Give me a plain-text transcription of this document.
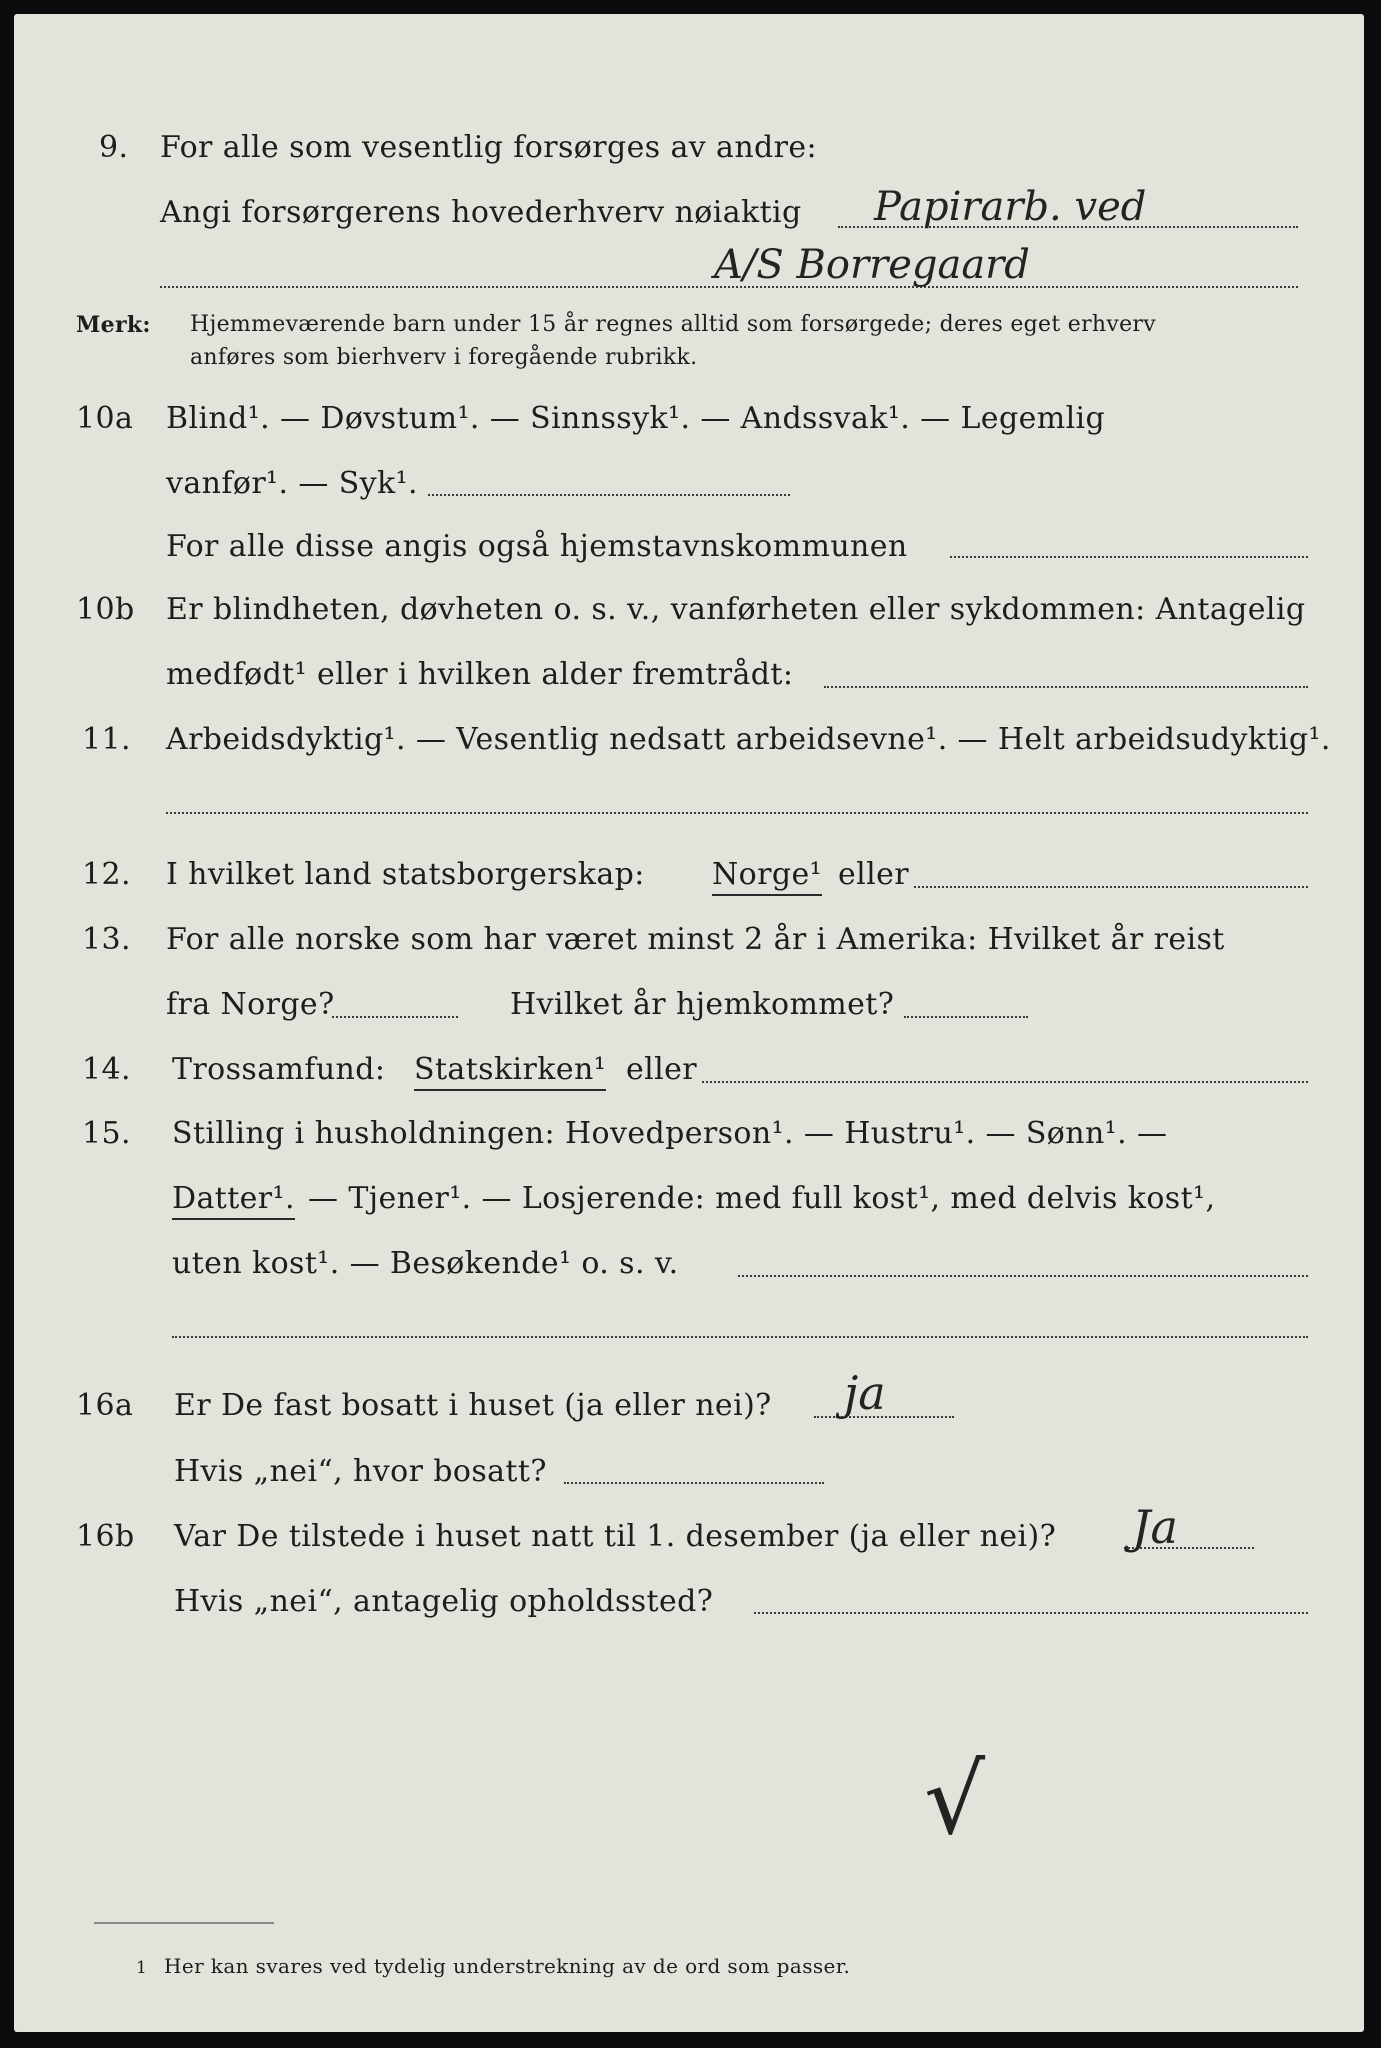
9. For alle som vesentlig forsørges av andre:
Angi forsørgerens hovederhverv nøiaktig Papirarb. ved
A/S Borregaard
Merk: Hjemmeværende barn under 15 år regnes alltid som forsørgede; deres eget erhverv
anføres som bierhverv i foregående rubrikk.
10a Blind¹. — Døvstum¹. — Sinnssyk¹. — Andssvak¹. — Legemlig
vanfør¹. — Syk¹.
For alle disse angis også hjemstavnskommunen
10b Er blindheten, døvheten o. s. v., vanførheten eller sykdommen: Antagelig
medfødt¹ eller i hvilken alder fremtrådt:
11. Arbeidsdyktig¹. — Vesentlig nedsatt arbeidsevne¹. — Helt arbeidsudyktig¹.
12. I hvilket land statsborgerskap: Norge¹ eller
13. For alle norske som har været minst 2 år i Amerika: Hvilket år reist
fra Norge?	Hvilket år hjemkommet?
14. Trossamfund: Statskirken¹ eller
15. Stilling i husholdningen: Hovedperson¹. — Hustru¹. — Sønn¹. —
Datter¹. — Tjener¹. — Losjerende: med full kost¹, med delvis kost¹,
uten kost¹. — Besøkende¹ o. s. v.
16a Er De fast bosatt i huset (ja eller nei)? ja
Hvis „nei“, hvor bosatt?
16b Var De tilstede i huset natt til 1. desember (ja eller nei)? Ja
Hvis „nei“, antagelig opholdssted?
√
1 Her kan svares ved tydelig understrekning av de ord som passer.
